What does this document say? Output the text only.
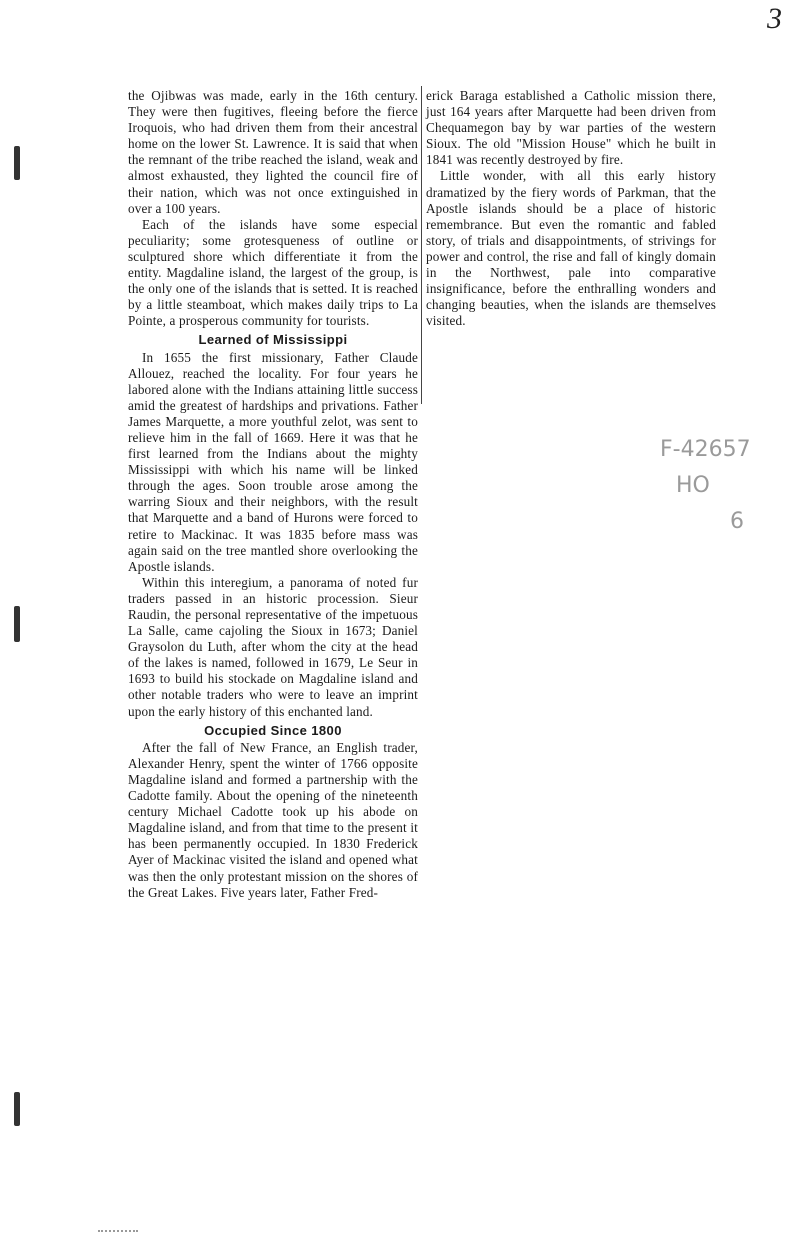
3

the Ojibwas was made, early in the 16th century. They were then fugitives, fleeing before the fierce Iroquois, who had driven them from their ancestral home on the lower St. Lawrence. It is said that when the remnant of the tribe reached the island, weak and almost exhausted, they lighted the council fire of their nation, which was not once extinguished in over a 100 years.

Each of the islands have some especial peculiarity; some grotesqueness of outline or sculptured shore which differentiate it from the entity. Magdaline island, the largest of the group, is the only one of the islands that is setted. It is reached by a little steamboat, which makes daily trips to La Pointe, a prosperous community for tourists.

Learned of Mississippi

In 1655 the first missionary, Father Claude Allouez, reached the locality. For four years he labored alone with the Indians attaining little success amid the greatest of hardships and privations. Father James Marquette, a more youthful zelot, was sent to relieve him in the fall of 1669. Here it was that he first learned from the Indians about the mighty Mississippi with which his name will be linked through the ages. Soon trouble arose among the warring Sioux and their neighbors, with the result that Marquette and a band of Hurons were forced to retire to Mackinac. It was 1835 before mass was again said on the tree mantled shore overlooking the Apostle islands.

Within this interegium, a panorama of noted fur traders passed in an historic procession. Sieur Raudin, the personal representative of the impetuous La Salle, came cajoling the Sioux in 1673; Daniel Graysolon du Luth, after whom the city at the head of the lakes is named, followed in 1679, Le Seur in 1693 to build his stockade on Magdaline island and other notable traders who were to leave an imprint upon the early history of this enchanted land.

Occupied Since 1800

After the fall of New France, an English trader, Alexander Henry, spent the winter of 1766 opposite Magdaline island and formed a partnership with the Cadotte family. About the opening of the nineteenth century Michael Cadotte took up his abode on Magdaline island, and from that time to the present it has been permanently occupied. In 1830 Frederick Ayer of Mackinac visited the island and opened what was then the only protestant mission on the shores of the Great Lakes. Five years later, Father Fred-

erick Baraga established a Catholic mission there, just 164 years after Marquette had been driven from Chequamegon bay by war parties of the western Sioux. The old "Mission House" which he built in 1841 was recently destroyed by fire.

Little wonder, with all this early history dramatized by the fiery words of Parkman, that the Apostle islands should be a place of historic remembrance. But even the romantic and fabled story, of trials and disappointments, of strivings for power and control, the rise and fall of kingly domain in the Northwest, pale into comparative insignificance, before the enthralling wonders and changing beauties, when the islands are themselves visited.

F-42657
HO
6
